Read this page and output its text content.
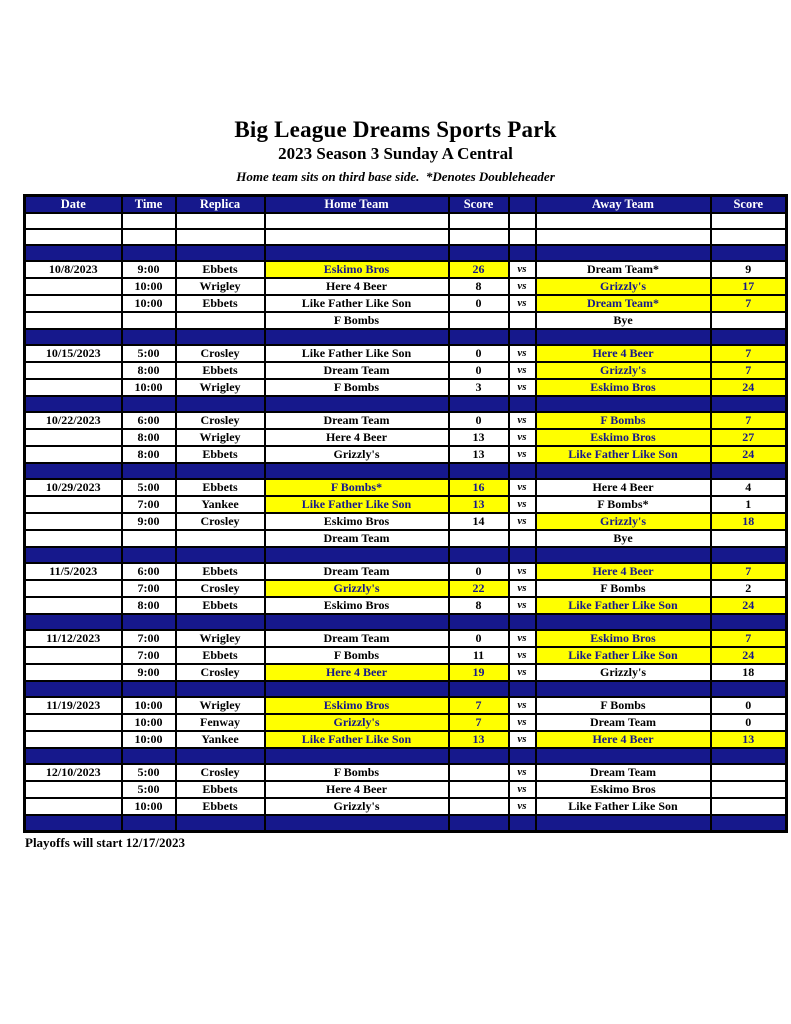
Big League Dreams Sports Park
2023 Season 3 Sunday A Central
Home team sits on third base side.  *Denotes Doubleheader
Date	Time	Replica	Home Team	Score		Away Team	Score

10/8/2023	9:00	Ebbets	Eskimo Bros	26	vs	Dream Team*	9
	10:00	Wrigley	Here 4 Beer	8	vs	Grizzly's	17
	10:00	Ebbets	Like Father Like Son	0	vs	Dream Team*	7
			F Bombs			Bye	

10/15/2023	5:00	Crosley	Like Father Like Son	0	vs	Here 4 Beer	7
	8:00	Ebbets	Dream Team	0	vs	Grizzly's	7
	10:00	Wrigley	F Bombs	3	vs	Eskimo Bros	24

10/22/2023	6:00	Crosley	Dream Team	0	vs	F Bombs	7
	8:00	Wrigley	Here 4 Beer	13	vs	Eskimo Bros	27
	8:00	Ebbets	Grizzly's	13	vs	Like Father Like Son	24

10/29/2023	5:00	Ebbets	F Bombs*	16	vs	Here 4 Beer	4
	7:00	Yankee	Like Father Like Son	13	vs	F Bombs*	1
	9:00	Crosley	Eskimo Bros	14	vs	Grizzly's	18
			Dream Team			Bye	

11/5/2023	6:00	Ebbets	Dream Team	0	vs	Here 4 Beer	7
	7:00	Crosley	Grizzly's	22	vs	F Bombs	2
	8:00	Ebbets	Eskimo Bros	8	vs	Like Father Like Son	24

11/12/2023	7:00	Wrigley	Dream Team	0	vs	Eskimo Bros	7
	7:00	Ebbets	F Bombs	11	vs	Like Father Like Son	24
	9:00	Crosley	Here 4 Beer	19	vs	Grizzly's	18

11/19/2023	10:00	Wrigley	Eskimo Bros	7	vs	F Bombs	0
	10:00	Fenway	Grizzly's	7	vs	Dream Team	0
	10:00	Yankee	Like Father Like Son	13	vs	Here 4 Beer	13

12/10/2023	5:00	Crosley	F Bombs		vs	Dream Team	
	5:00	Ebbets	Here 4 Beer		vs	Eskimo Bros	
	10:00	Ebbets	Grizzly's		vs	Like Father Like Son	

Playoffs will start 12/17/2023
